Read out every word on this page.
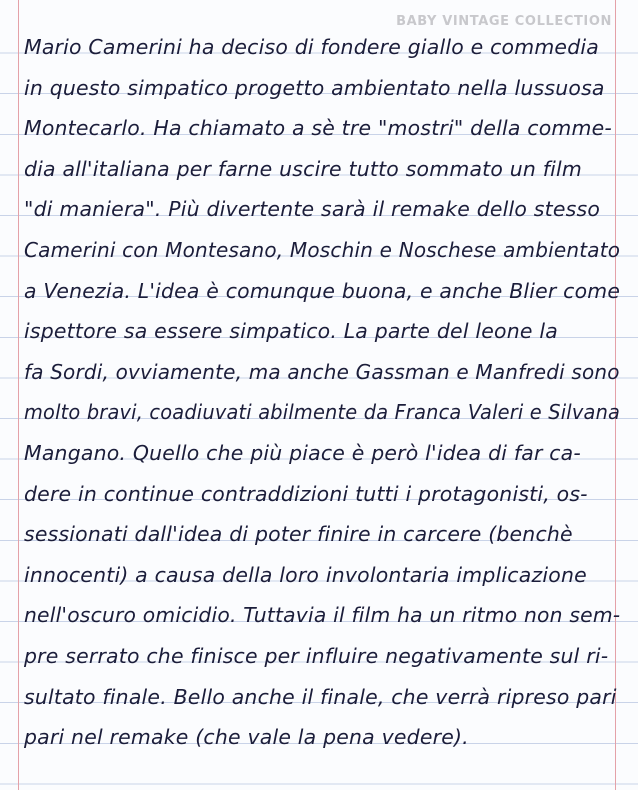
BABY VINTAGE COLLECTION
Mario Camerini ha deciso di fondere giallo e commedia
in questo simpatico progetto ambientato nella lussuosa
Montecarlo. Ha chiamato a sè tre "mostri" della comme-
dia all'italiana per farne uscire tutto sommato un film
"di maniera". Più divertente sarà il remake dello stesso
Camerini con Montesano, Moschin e Noschese ambientato
a Venezia. L'idea è comunque buona, e anche Blier come
ispettore sa essere simpatico. La parte del leone la
fa Sordi, ovviamente, ma anche Gassman e Manfredi sono
molto bravi, coadiuvati abilmente da Franca Valeri e Silvana
Mangano. Quello che più piace è però l'idea di far ca-
dere in continue contraddizioni tutti i protagonisti, os-
sessionati dall'idea di poter finire in carcere (benchè
innocenti) a causa della loro involontaria implicazione
nell'oscuro omicidio. Tuttavia il film ha un ritmo non sem-
pre serrato che finisce per influire negativamente sul ri-
sultato finale. Bello anche il finale, che verrà ripreso pari
pari nel remake (che vale la pena vedere).
